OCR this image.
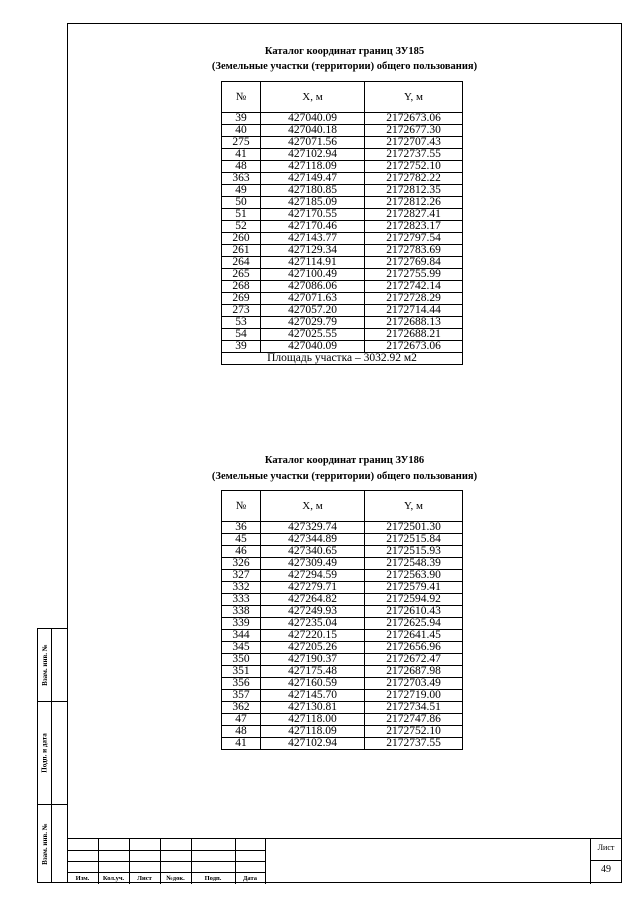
Взам. инв. №
Подп. и дата
Взам. инв. №
Каталог координат границ ЗУ185
(Земельные участки (территории) общего пользования)
№	X, м	Y, м
39	427040.09	2172673.06
40	427040.18	2172677.30
275	427071.56	2172707.43
41	427102.94	2172737.55
48	427118.09	2172752.10
363	427149.47	2172782.22
49	427180.85	2172812.35
50	427185.09	2172812.26
51	427170.55	2172827.41
52	427170.46	2172823.17
260	427143.77	2172797.54
261	427129.34	2172783.69
264	427114.91	2172769.84
265	427100.49	2172755.99
268	427086.06	2172742.14
269	427071.63	2172728.29
273	427057.20	2172714.44
53	427029.79	2172688.13
54	427025.55	2172688.21
39	427040.09	2172673.06
Площадь участка – 3032.92 м2		
Каталог координат границ ЗУ186
(Земельные участки (территории) общего пользования)
№	X, м	Y, м
36	427329.74	2172501.30
45	427344.89	2172515.84
46	427340.65	2172515.93
326	427309.49	2172548.39
327	427294.59	2172563.90
332	427279.71	2172579.41
333	427264.82	2172594.92
338	427249.93	2172610.43
339	427235.04	2172625.94
344	427220.15	2172641.45
345	427205.26	2172656.96
350	427190.37	2172672.47
351	427175.48	2172687.98
356	427160.59	2172703.49
357	427145.70	2172719.00
362	427130.81	2172734.51
47	427118.00	2172747.86
48	427118.09	2172752.10
41	427102.94	2172737.55
Изм.	Кол.уч.	Лист	№док.	Подп.	Дата
Лист
49
